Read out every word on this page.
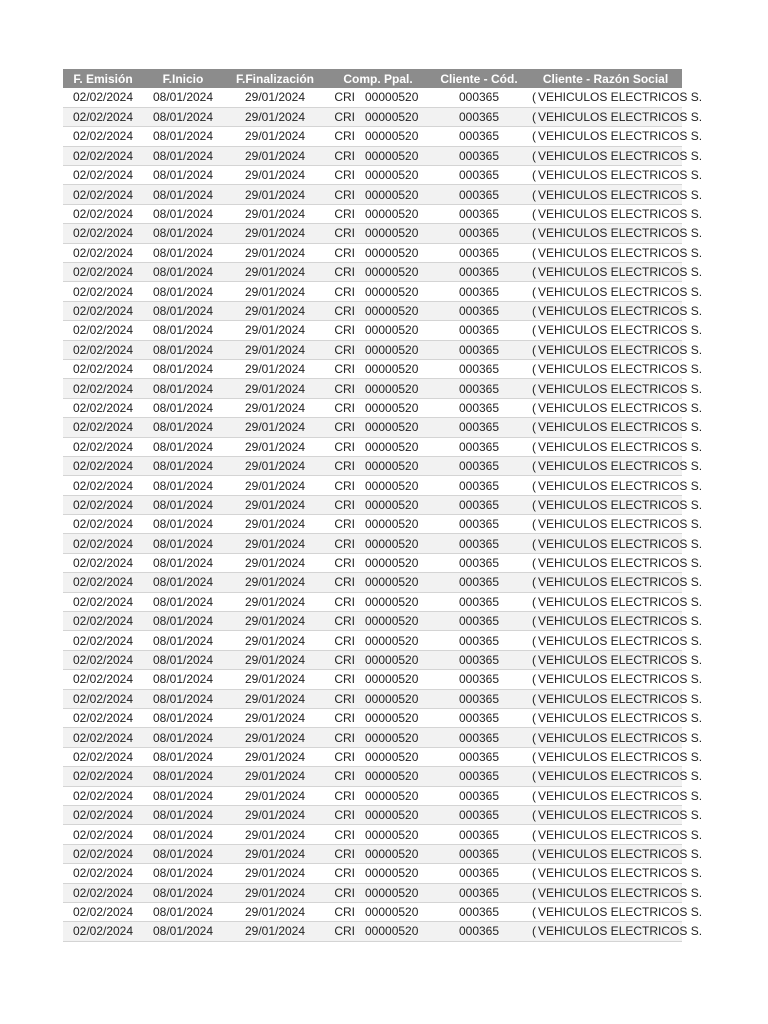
F. Emisión	F.Inicio	F.Finalización	Comp. Ppal.		Cliente - Cód.	Cliente - Razón Social	
02/02/2024	08/01/2024	29/01/2024	CRI	00000520	000365	(	VEHICULOS ELECTRICOS S.
02/02/2024	08/01/2024	29/01/2024	CRI	00000520	000365	(	VEHICULOS ELECTRICOS S.
02/02/2024	08/01/2024	29/01/2024	CRI	00000520	000365	(	VEHICULOS ELECTRICOS S.
02/02/2024	08/01/2024	29/01/2024	CRI	00000520	000365	(	VEHICULOS ELECTRICOS S.
02/02/2024	08/01/2024	29/01/2024	CRI	00000520	000365	(	VEHICULOS ELECTRICOS S.
02/02/2024	08/01/2024	29/01/2024	CRI	00000520	000365	(	VEHICULOS ELECTRICOS S.
02/02/2024	08/01/2024	29/01/2024	CRI	00000520	000365	(	VEHICULOS ELECTRICOS S.
02/02/2024	08/01/2024	29/01/2024	CRI	00000520	000365	(	VEHICULOS ELECTRICOS S.
02/02/2024	08/01/2024	29/01/2024	CRI	00000520	000365	(	VEHICULOS ELECTRICOS S.
02/02/2024	08/01/2024	29/01/2024	CRI	00000520	000365	(	VEHICULOS ELECTRICOS S.
02/02/2024	08/01/2024	29/01/2024	CRI	00000520	000365	(	VEHICULOS ELECTRICOS S.
02/02/2024	08/01/2024	29/01/2024	CRI	00000520	000365	(	VEHICULOS ELECTRICOS S.
02/02/2024	08/01/2024	29/01/2024	CRI	00000520	000365	(	VEHICULOS ELECTRICOS S.
02/02/2024	08/01/2024	29/01/2024	CRI	00000520	000365	(	VEHICULOS ELECTRICOS S.
02/02/2024	08/01/2024	29/01/2024	CRI	00000520	000365	(	VEHICULOS ELECTRICOS S.
02/02/2024	08/01/2024	29/01/2024	CRI	00000520	000365	(	VEHICULOS ELECTRICOS S.
02/02/2024	08/01/2024	29/01/2024	CRI	00000520	000365	(	VEHICULOS ELECTRICOS S.
02/02/2024	08/01/2024	29/01/2024	CRI	00000520	000365	(	VEHICULOS ELECTRICOS S.
02/02/2024	08/01/2024	29/01/2024	CRI	00000520	000365	(	VEHICULOS ELECTRICOS S.
02/02/2024	08/01/2024	29/01/2024	CRI	00000520	000365	(	VEHICULOS ELECTRICOS S.
02/02/2024	08/01/2024	29/01/2024	CRI	00000520	000365	(	VEHICULOS ELECTRICOS S.
02/02/2024	08/01/2024	29/01/2024	CRI	00000520	000365	(	VEHICULOS ELECTRICOS S.
02/02/2024	08/01/2024	29/01/2024	CRI	00000520	000365	(	VEHICULOS ELECTRICOS S.
02/02/2024	08/01/2024	29/01/2024	CRI	00000520	000365	(	VEHICULOS ELECTRICOS S.
02/02/2024	08/01/2024	29/01/2024	CRI	00000520	000365	(	VEHICULOS ELECTRICOS S.
02/02/2024	08/01/2024	29/01/2024	CRI	00000520	000365	(	VEHICULOS ELECTRICOS S.
02/02/2024	08/01/2024	29/01/2024	CRI	00000520	000365	(	VEHICULOS ELECTRICOS S.
02/02/2024	08/01/2024	29/01/2024	CRI	00000520	000365	(	VEHICULOS ELECTRICOS S.
02/02/2024	08/01/2024	29/01/2024	CRI	00000520	000365	(	VEHICULOS ELECTRICOS S.
02/02/2024	08/01/2024	29/01/2024	CRI	00000520	000365	(	VEHICULOS ELECTRICOS S.
02/02/2024	08/01/2024	29/01/2024	CRI	00000520	000365	(	VEHICULOS ELECTRICOS S.
02/02/2024	08/01/2024	29/01/2024	CRI	00000520	000365	(	VEHICULOS ELECTRICOS S.
02/02/2024	08/01/2024	29/01/2024	CRI	00000520	000365	(	VEHICULOS ELECTRICOS S.
02/02/2024	08/01/2024	29/01/2024	CRI	00000520	000365	(	VEHICULOS ELECTRICOS S.
02/02/2024	08/01/2024	29/01/2024	CRI	00000520	000365	(	VEHICULOS ELECTRICOS S.
02/02/2024	08/01/2024	29/01/2024	CRI	00000520	000365	(	VEHICULOS ELECTRICOS S.
02/02/2024	08/01/2024	29/01/2024	CRI	00000520	000365	(	VEHICULOS ELECTRICOS S.
02/02/2024	08/01/2024	29/01/2024	CRI	00000520	000365	(	VEHICULOS ELECTRICOS S.
02/02/2024	08/01/2024	29/01/2024	CRI	00000520	000365	(	VEHICULOS ELECTRICOS S.
02/02/2024	08/01/2024	29/01/2024	CRI	00000520	000365	(	VEHICULOS ELECTRICOS S.
02/02/2024	08/01/2024	29/01/2024	CRI	00000520	000365	(	VEHICULOS ELECTRICOS S.
02/02/2024	08/01/2024	29/01/2024	CRI	00000520	000365	(	VEHICULOS ELECTRICOS S.
02/02/2024	08/01/2024	29/01/2024	CRI	00000520	000365	(	VEHICULOS ELECTRICOS S.
02/02/2024	08/01/2024	29/01/2024	CRI	00000520	000365	(	VEHICULOS ELECTRICOS S.
